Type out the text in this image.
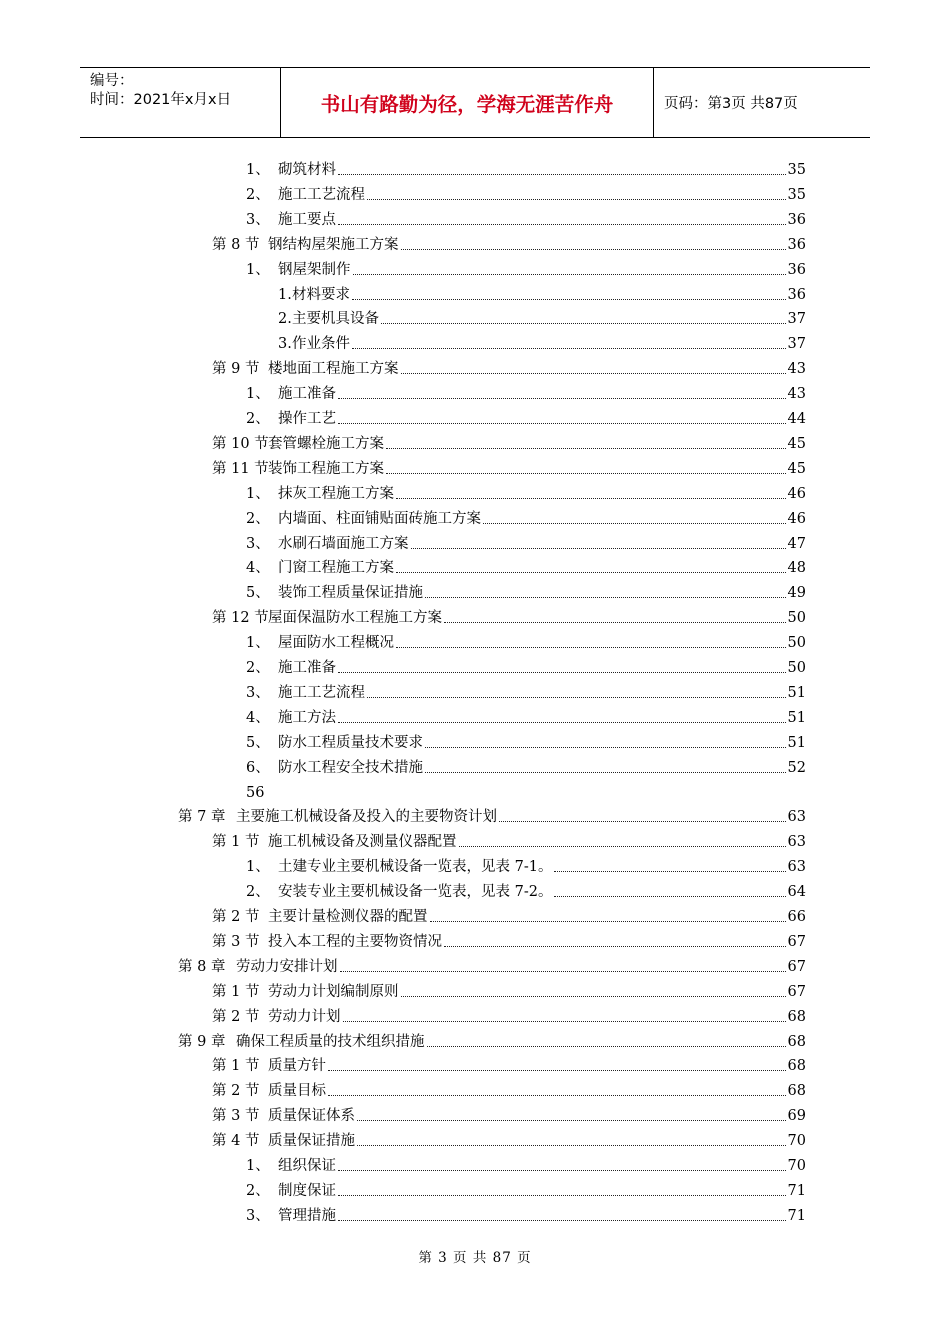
编号：
时间：2021年x月x日	书山有路勤为径，学海无涯苦作舟	页码：第3页 共87页
1、 砌筑材料	35
2、 施工工艺流程	35
3、 施工要点	36
第 8 节 钢结构屋架施工方案	36
1、 钢屋架制作	36
1. 材料要求	36
2. 主要机具设备	37
3. 作业条件	37
第 9 节 楼地面工程施工方案	43
1、 施工准备	43
2、 操作工艺	44
第 10 节 套管螺栓施工方案	45
第 11 节 装饰工程施工方案	45
1、 抹灰工程施工方案	46
2、 内墙面、柱面铺贴面砖施工方案	46
3、 水刷石墙面施工方案	47
4、 门窗工程施工方案	48
5、 装饰工程质量保证措施	49
第 12 节 屋面保温防水工程施工方案	50
1、 屋面防水工程概况	50
2、 施工准备	50
3、 施工工艺流程	51
4、 施工方法	51
5、 防水工程质量技术要求	51
6、 防水工程安全技术措施	52
56
第 7 章 主要施工机械设备及投入的主要物资计划	63
第 1 节 施工机械设备及测量仪器配置	63
1、 土建专业主要机械设备一览表，见表 7-1。	63
2、 安装专业主要机械设备一览表，见表 7-2。	64
第 2 节 主要计量检测仪器的配置	66
第 3 节 投入本工程的主要物资情况	67
第 8 章 劳动力安排计划	67
第 1 节 劳动力计划编制原则	67
第 2 节 劳动力计划	68
第 9 章 确保工程质量的技术组织措施	68
第 1 节 质量方针	68
第 2 节 质量目标	68
第 3 节 质量保证体系	69
第 4 节 质量保证措施	70
1、 组织保证	70
2、 制度保证	71
3、 管理措施	71
第 3 页 共 87 页
